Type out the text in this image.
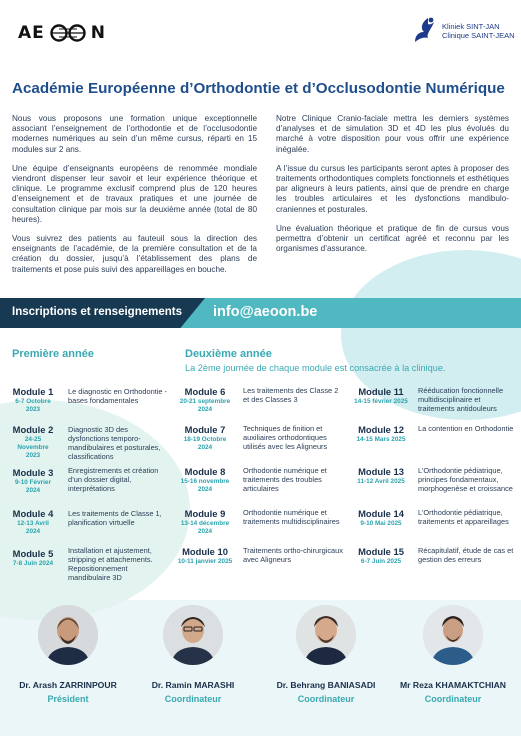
AE	N	Kliniek SINT-JAN
Clinique SAINT-JEAN
Académie Européenne d’Orthodontie et d’Occlusodontie Numérique

Nous vous proposons une formation unique exceptionnelle associant l’enseignement de l’orthodontie et de l’occlusodontie modernes numériques au sein d’un même cursus, réparti en 15 modules sur 2 ans.

Une équipe d’enseignants européens de renommée mondiale viendront dispenser leur savoir et leur expérience théorique et clinique. Le programme exclusif comprend plus de 120 heures d’enseignement et de travaux pratiques et une journée de consultation clinique par mois sur la deuxième année (total de 80 heures).

Vous suivrez des patients au fauteuil sous la direction des enseignants de l’académie, de la première consultation et de la création du dossier, jusqu’à l’établissement des plans de traitements et pose puis suivi des appareillages en bouche.

Notre Clinique Cranio-faciale mettra les derniers systèmes d’analyses et de simulation 3D et 4D les plus évolués du marché à votre disposition pour vous offrir une expérience inégalée.

A l’issue du cursus les participants seront aptes à proposer des traitements orthodontiques complets fonctionnels et esthétiques par aligneurs à leurs patients, ainsi que de prendre en charge les troubles articulaires et les dysfonctions mandibulo-craniennes et posturales.

Une évaluation théorique et pratique de fin de cursus vous permettra d’obtenir un certificat agréé et reconnu par les organismes d’assurance.

Inscriptions et renseignements info@aeoon.be
Première année	Deuxième année
La 2ème journée de chaque module est consacrée à la clinique.
Module 1
6-7 Octobre 2023
Le diagnostic en Orthodontie - bases fondamentales
Module 2
24-25 Novembre 2023
Diagnostic 3D des dysfonctions temporo-mandibulaires et posturales, classifications
Module 3
9-10 Février 2024
Enregistrements et création d’un dossier digital, interprétations
Module 4
12-13 Avril 2024
Les traitements de Classe 1, planification virtuelle
Module 5
7-8 Juin 2024
Installation et ajustement, stripping et attachements. Repositionnement mandibulaire 3D
Module 6
20-21 septembre 2024
Les traitements des Classe 2 et des Classes 3
Module 7
18-19 Octobre 2024
Techniques de finition et auxiliaires orthodontiques utilisés avec les Aligneurs
Module 8
15-16 novembre 2024
Orthodontie numérique et traitements des troubles articulaires
Module 9
13-14 décembre 2024
Orthodontie numérique et traitements multidisciplinaires
Module 10
10-11 janvier 2025
Traitements ortho-chirurgicaux avec Aligneurs
Module 11
14-15 février 2025
Rééducation fonctionnelle multidisciplinaire et traitements antidouleurs
Module 12
14-15 Mars 2025
La contention en Orthodontie
Module 13
11-12 Avril 2025
L’Orthodontie pédiatrique, principes fondamentaux, morphogenèse et croissance
Module 14
9-10 Mai 2025
L’Orthodontie pédiatrique, traitements et appareillages
Module 15
6-7 Juin 2025
Récapitulatif, étude de cas et gestion des erreurs
Dr. Arash ZARRINPOUR
Président
Dr. Ramin MARASHI
Coordinateur
Dr. Behrang BANIASADI
Coordinateur
Mr Reza KHAMAKTCHIAN
Coordinateur
